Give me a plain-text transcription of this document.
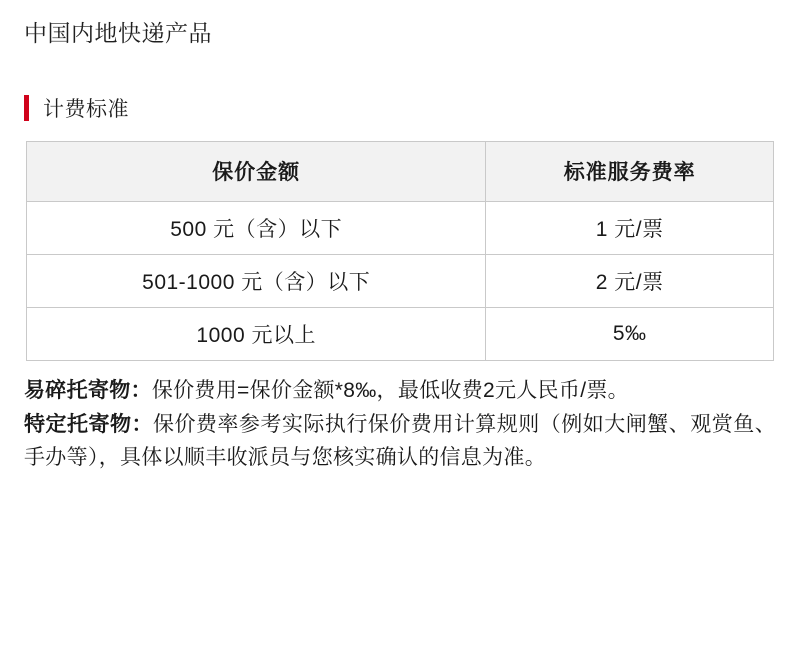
中国内地快递产品
计费标准
保价金额	标准服务费率
500 元（含）以下	1 元/票
501-1000 元（含）以下	2 元/票
1000 元以上	5‰

易碎托寄物：保价费用=保价金额*8‰，最低收费2元人民币/票。

特定托寄物：保价费率参考实际执行保价费用计算规则（例如大闸蟹、观赏鱼、手办等），具体以顺丰收派员与您核实确认的信息为准。
